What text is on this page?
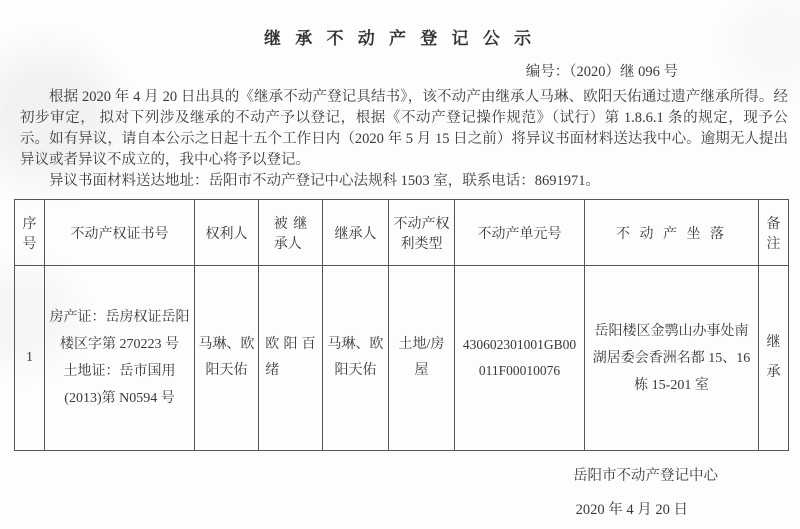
继 承 不 动 产 登 记 公 示
编号：（2020）继 096 号

根据 2020 年 4 月 20 日出具的《继承不动产登记具结书》，该不动产由继承人马琳、欧阳天佑通过遗产继承所得。经初步审定， 拟对下列涉及继承的不动产予以登记，根据《不动产登记操作规范》（试行）第 1.8.6.1 条的规定，现予公示。如有异议，请自本公示之日起十五个工作日内（2020 年 5 月 15 日之前）将异议书面材料送达我中心。逾期无人提出异议或者异议不成立的，我中心将予以登记。

异议书面材料送达地址：岳阳市不动产登记中心法规科 1503 室，联系电话：8691971。

序号	不动产权证书号	权利人	被继承人	继承人	不动产权利类型	不动产单元号	不 动 产 坐 落	备注

1	房产证：岳房权证岳阳楼区字第 270223 号
土地证：岳市国用(2013)第 N0594 号	马琳、欧阳天佑	欧阳百绪	马琳、欧阳天佑	土地/房屋	430602301001GB00011F00010076	岳阳楼区金鹗山办事处南湖居委会香洲名都 15、16 栋 15-201 室	继承
岳阳市不动产登记中心
2020 年 4 月 20 日
